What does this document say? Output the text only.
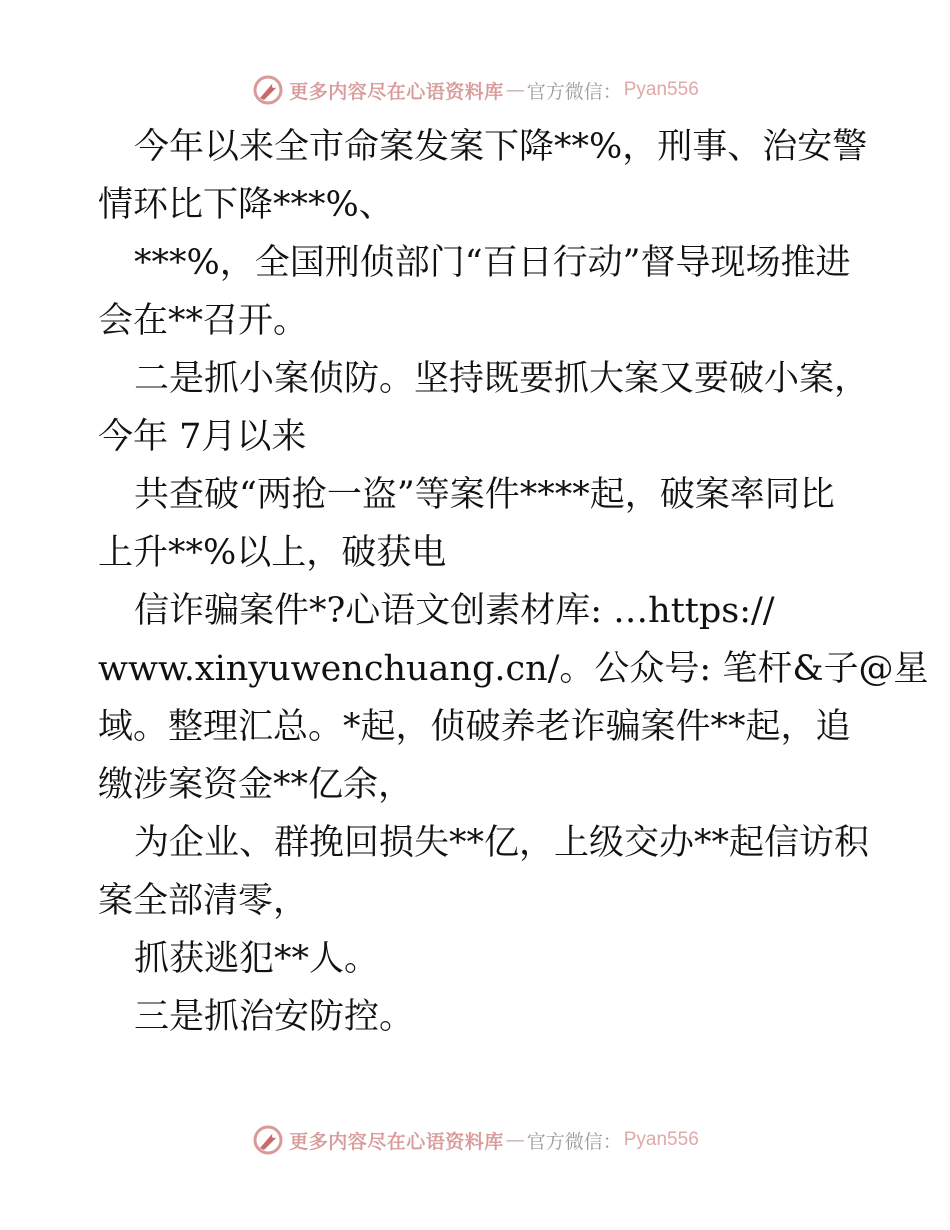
更多内容尽在心语资料库 — 官方微信： Pyan556
今年以来全市命案发案下降**%，刑事、治安警
情环比下降***%、
***%，全国刑侦部门“百日行动”督导现场推进
会在**召开。
二是抓小案侦防。坚持既要抓大案又要破小案，
今年 7月以来
共查破“两抢一盗”等案件****起，破案率同比
上升**%以上，破获电
信诈骗案件*?心语文创素材库: …https://
www.xinyuwenchuang.cn/。公众号: 笔杆&子@星
域。整理汇总。*起，侦破养老诈骗案件**起，追
缴涉案资金**亿余，
为企业、群挽回损失**亿，上级交办**起信访积
案全部清零，
抓获逃犯**人。
三是抓治安防控。
更多内容尽在心语资料库 — 官方微信： Pyan556
